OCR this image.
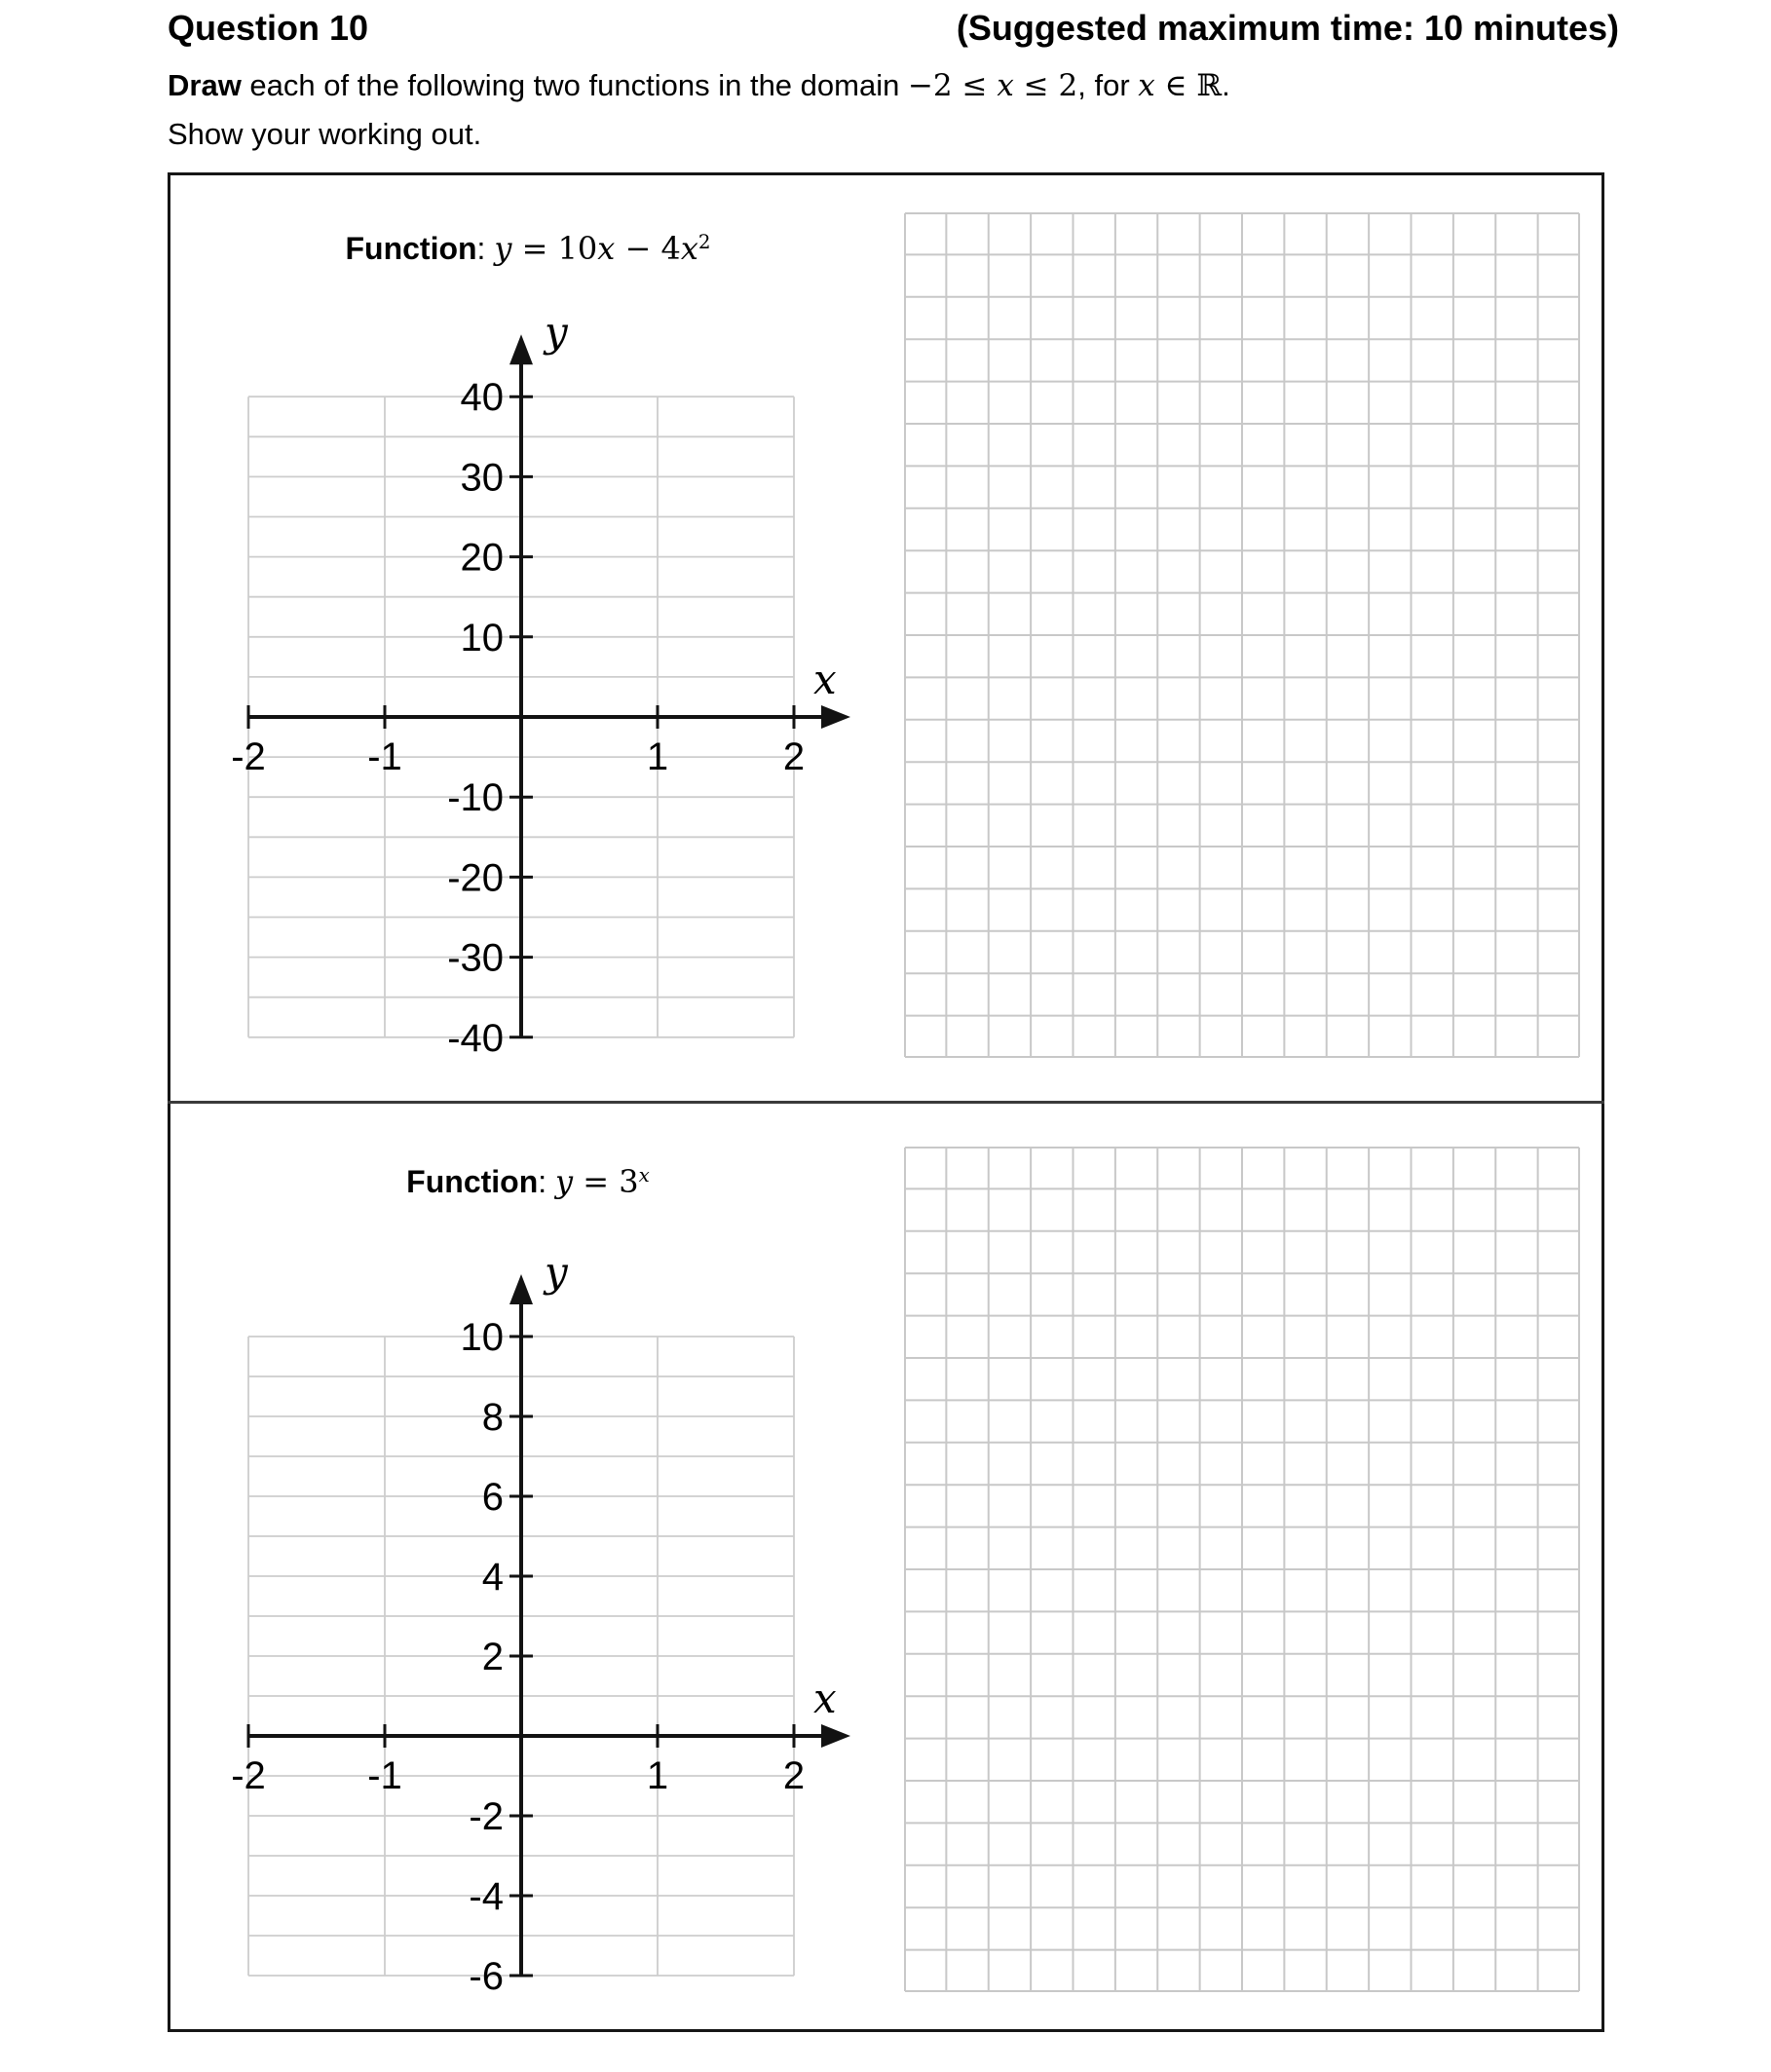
Question 10	(Suggested maximum time: 10 minutes)
Draw each of the following two functions in the domain −2 ≤ x ≤ 2, for x ∈ ℝ.
Show your working out.
Function: $y = 10x - 4x^2$
-2	-1	1	2
40
30
20
10
-10
-20
-30
-40
x
y
Function: $y = 3^x$
-2	-1	1	2
10
8
6
4
2
-2
-4
-6
x
y
